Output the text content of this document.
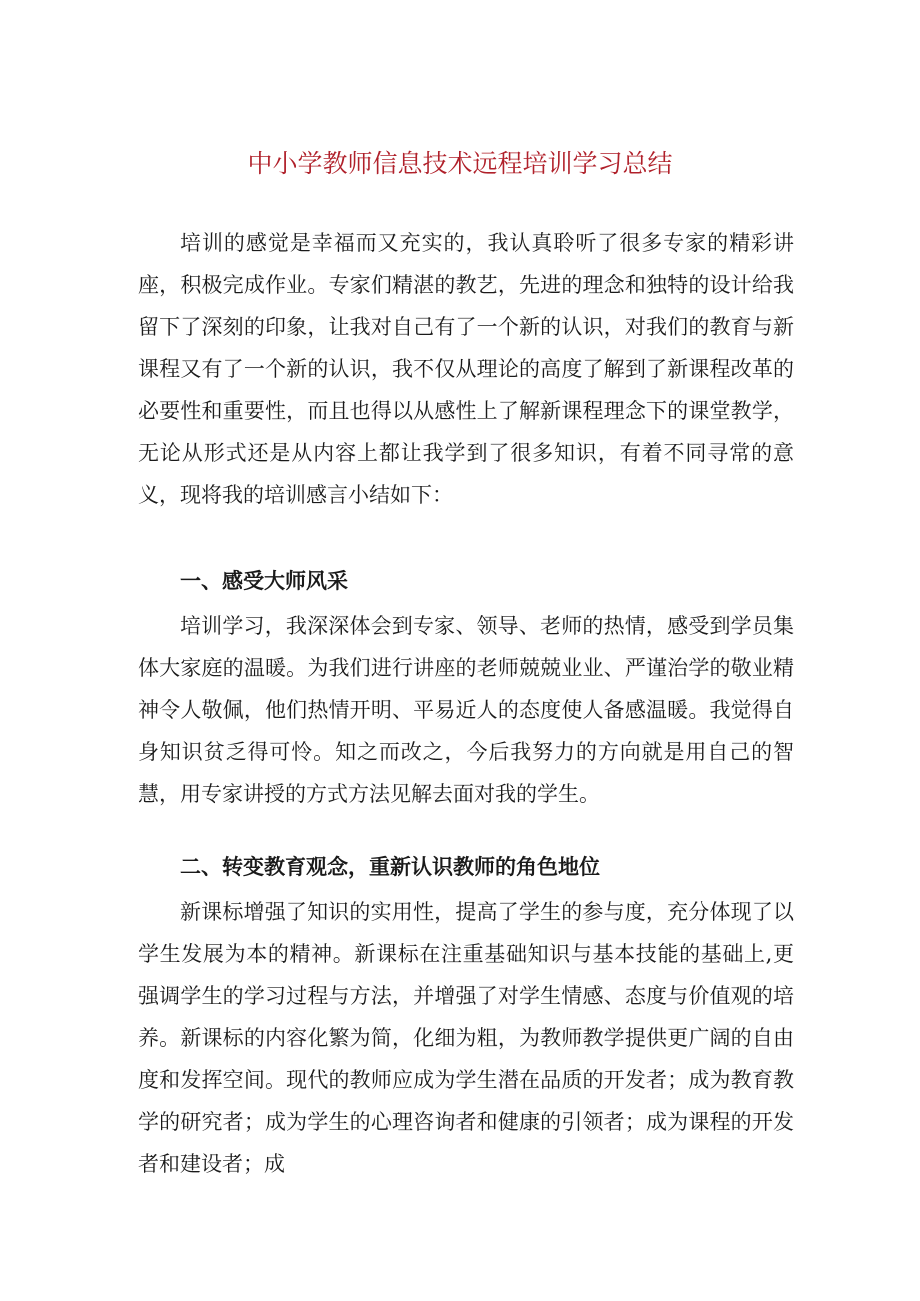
中小学教师信息技术远程培训学习总结

培训的感觉是幸福而又充实的，我认真聆听了很多专家的精彩讲座，积极完成作业。专家们精湛的教艺，先进的理念和独特的设计给我留下了深刻的印象，让我对自己有了一个新的认识，对我们的教育与新课程又有了一个新的认识，我不仅从理论的高度了解到了新课程改革的必要性和重要性，而且也得以从感性上了解新课程理念下的课堂教学，无论从形式还是从内容上都让我学到了很多知识，有着不同寻常的意义，现将我的培训感言小结如下：

一、感受大师风采

培训学习，我深深体会到专家、领导、老师的热情，感受到学员集体大家庭的温暖。为我们进行讲座的老师兢兢业业、严谨治学的敬业精神令人敬佩，他们热情开明、平易近人的态度使人备感温暖。我觉得自身知识贫乏得可怜。知之而改之，今后我努力的方向就是用自己的智慧，用专家讲授的方式方法见解去面对我的学生。

二、转变教育观念，重新认识教师的角色地位

新课标增强了知识的实用性，提高了学生的参与度，充分体现了以学生发展为本的精神。新课标在注重基础知识与基本技能的基础上,更强调学生的学习过程与方法，并增强了对学生情感、态度与价值观的培养。新课标的内容化繁为简，化细为粗，为教师教学提供更广阔的自由度和发挥空间。现代的教师应成为学生潜在品质的开发者；成为教育教学的研究者；成为学生的心理咨询者和健康的引领者；成为课程的开发者和建设者；成
